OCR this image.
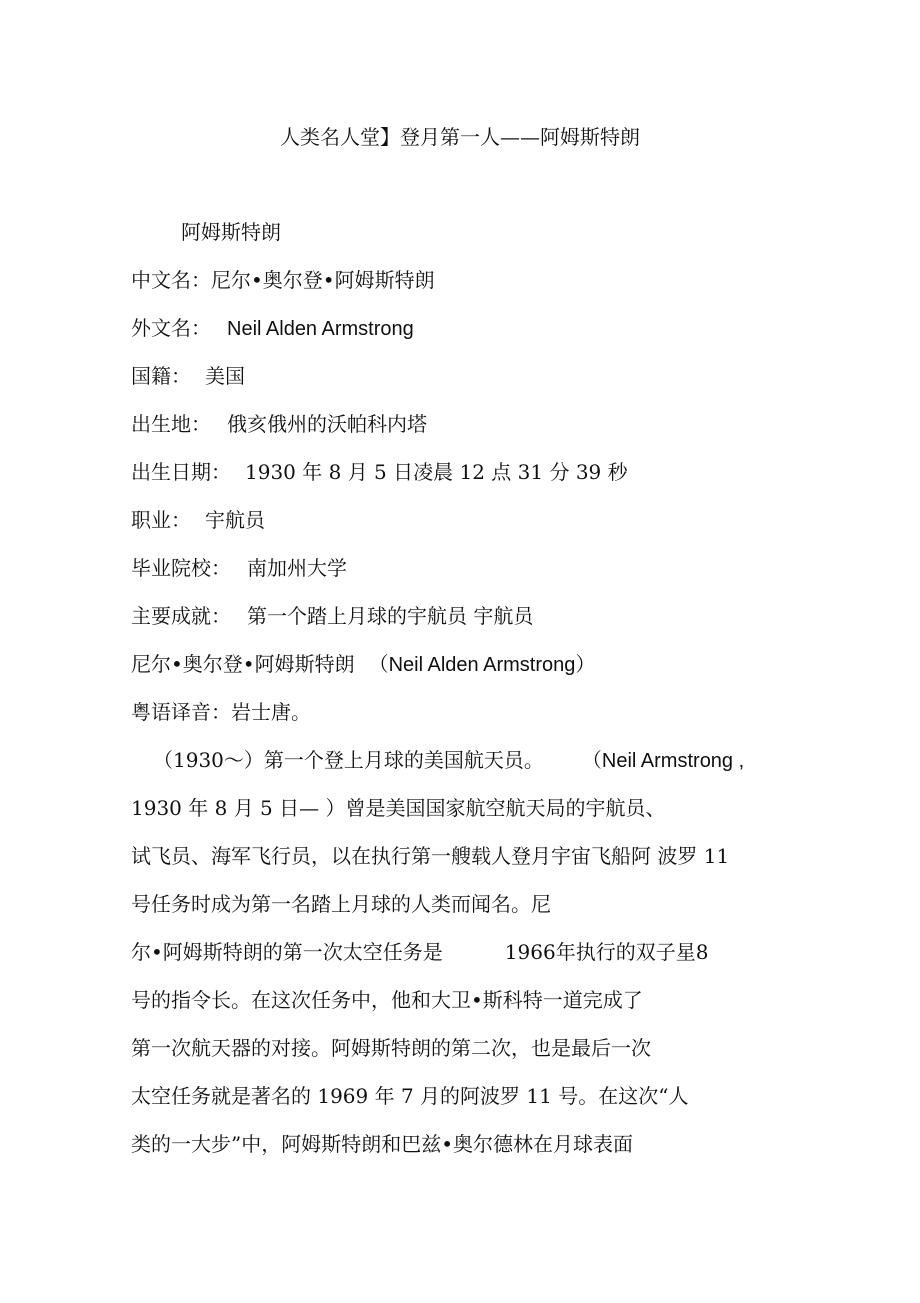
人类名人堂】登月第一人——阿姆斯特朗
阿姆斯特朗
中文名：尼尔•奥尔登•阿姆斯特朗
外文名： Neil Alden Armstrong
国籍： 美国
出生地： 俄亥俄州的沃帕科内塔
出生日期： 1930 年 8 月 5 日凌晨 12 点 31 分 39 秒
职业： 宇航员
毕业院校： 南加州大学
主要成就： 第一个踏上月球的宇航员 宇航员
尼尔•奥尔登•阿姆斯特朗 （Neil Alden Armstrong）
粤语译音：岩士唐。
（1930～）第一个登上月球的美国航天员。 （Neil Armstrong ,
1930 年 8 月 5 日— ）曾是美国国家航空航天局的宇航员、
试飞员、海军飞行员，以在执行第一艘载人登月宇宙飞船阿 波罗 11
号任务时成为第一名踏上月球的人类而闻名。尼
尔•阿姆斯特朗的第一次太空任务是	1966年执行的双子星8
号的指令长。在这次任务中，他和大卫•斯科特一道完成了
第一次航天器的对接。阿姆斯特朗的第二次，也是最后一次
太空任务就是著名的 1969 年 7 月的阿波罗 11 号。在这次“人
类的一大步”中，阿姆斯特朗和巴兹•奥尔德林在月球表面
